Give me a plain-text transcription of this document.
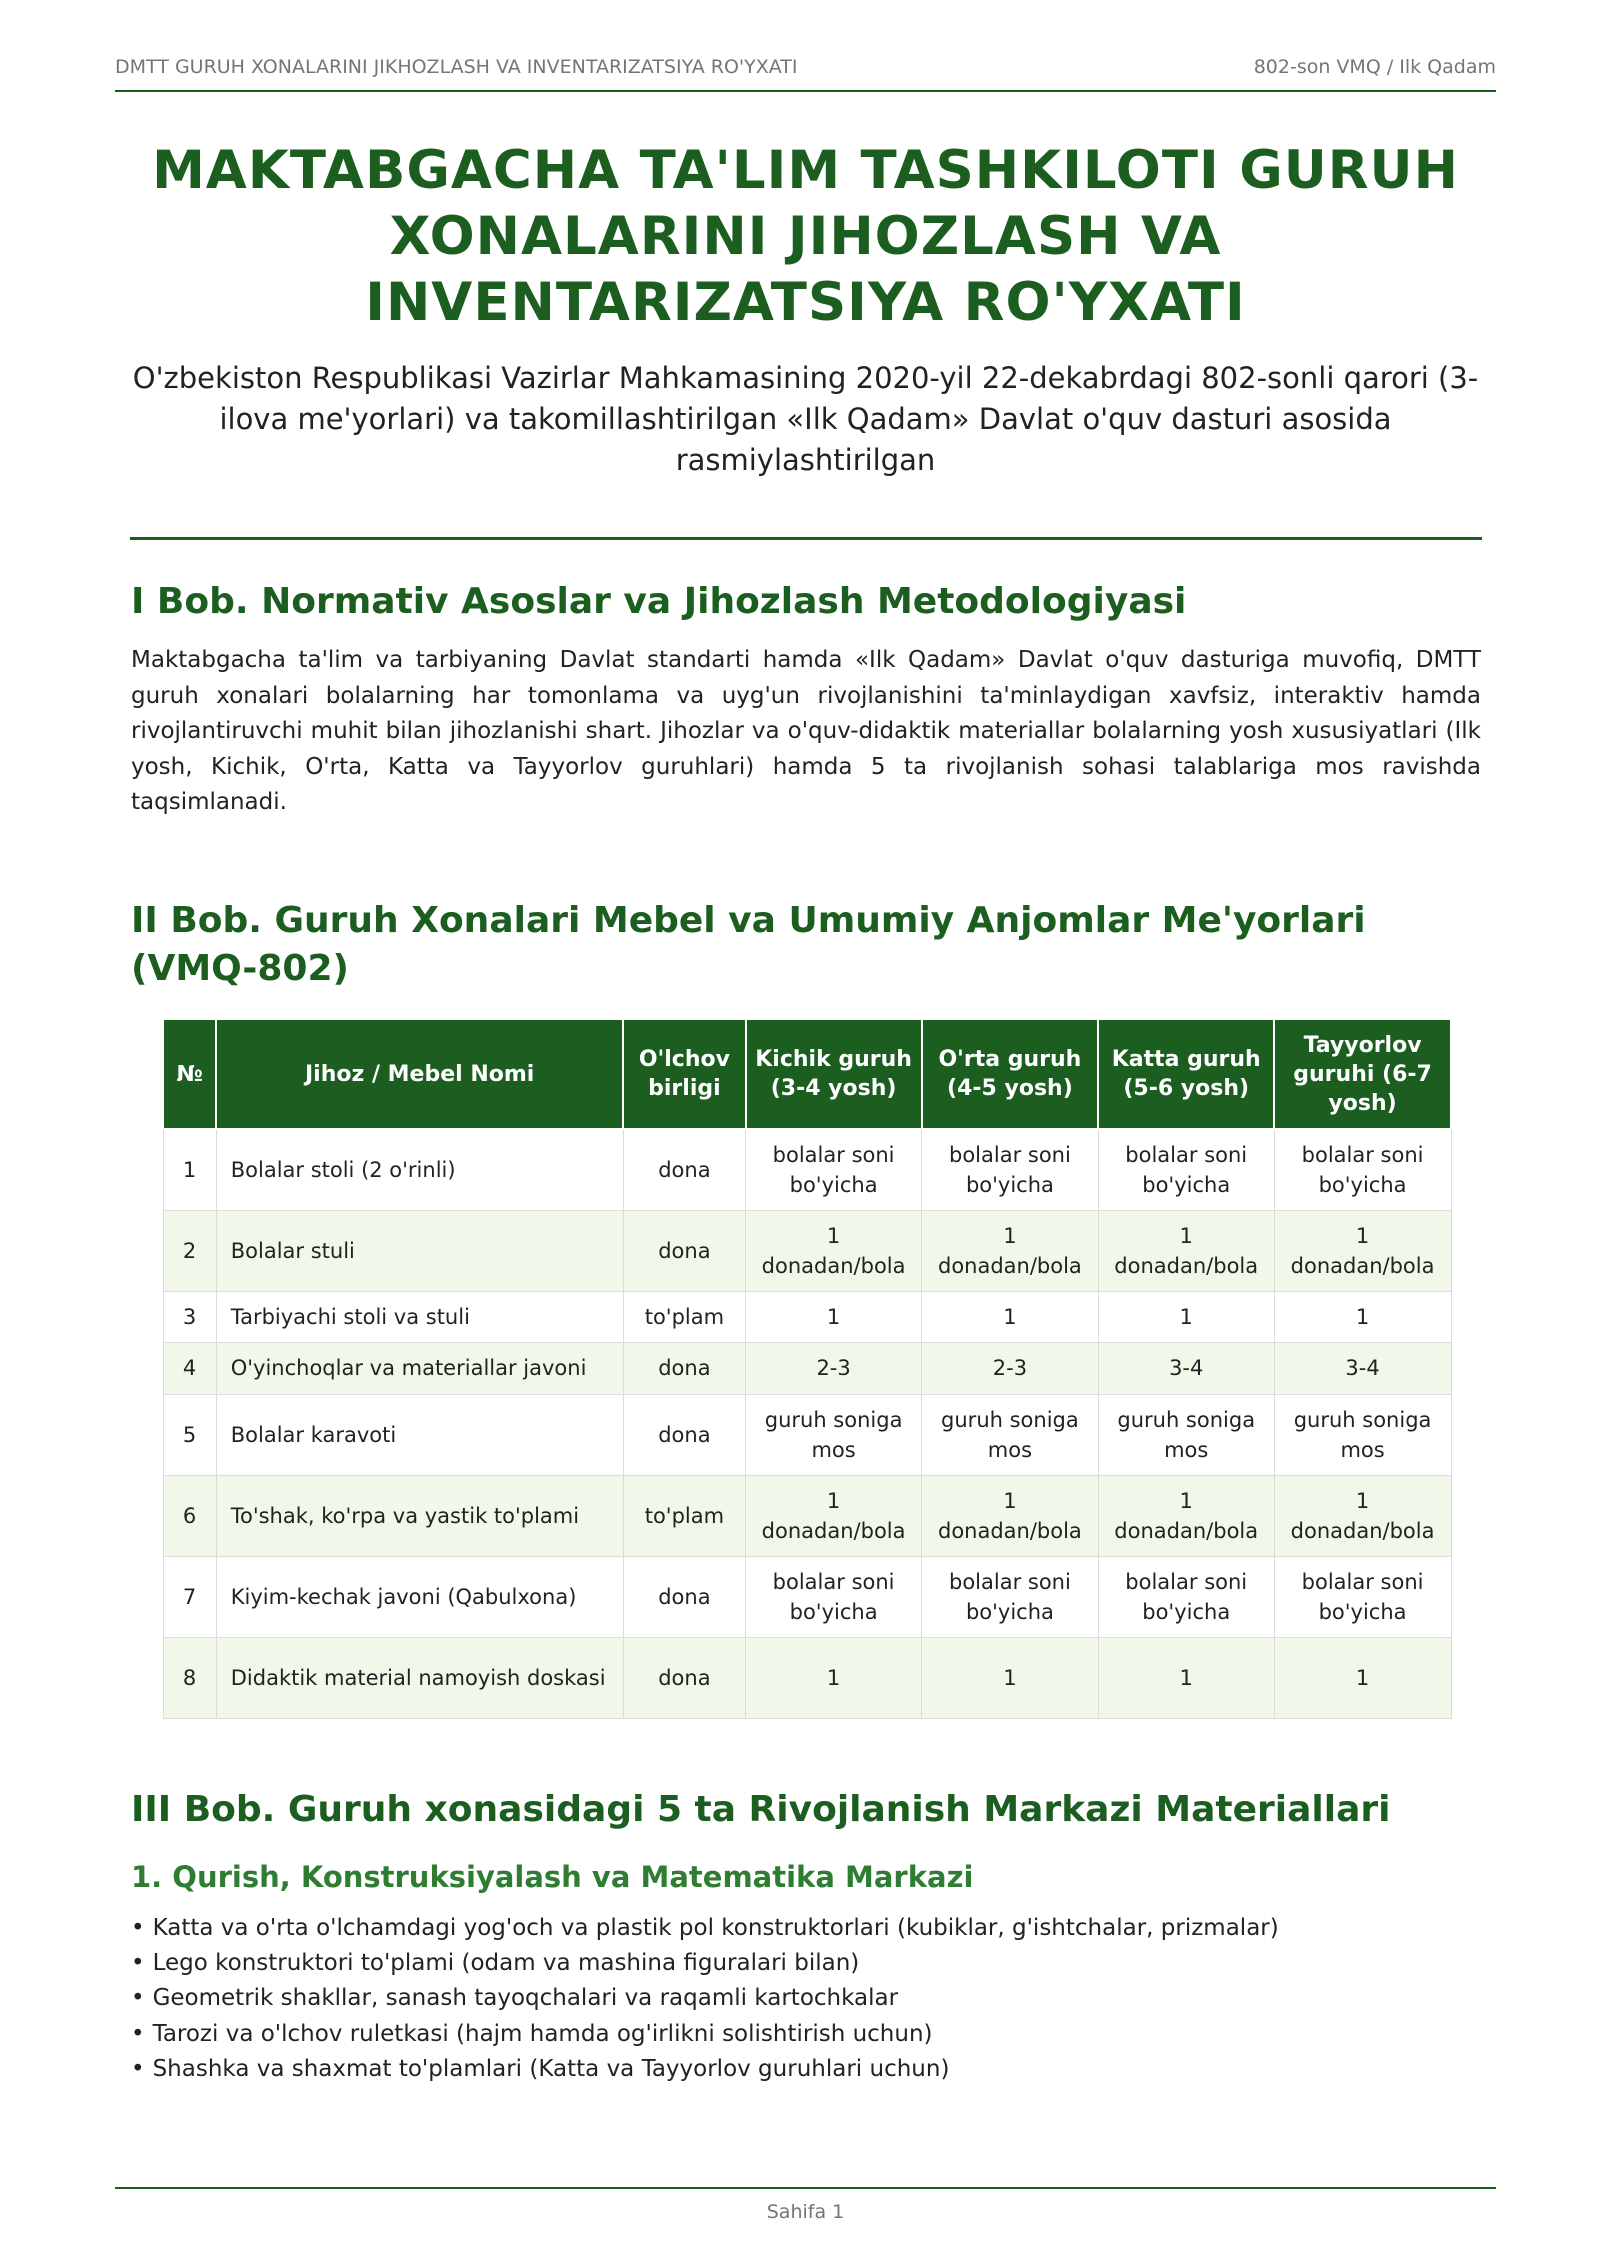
DMTT GURUH XONALARINI JIKHOZLASH VA INVENTARIZATSIYA RO'YXATI	802-son VMQ / Ilk Qadam
MAKTABGACHA TA'LIM TASHKILOTI GURUH
XONALARINI JIHOZLASH VA
INVENTARIZATSIYA RO'YXATI

O'zbekiston Respublikasi Vazirlar Mahkamasining 2020-yil 22-dekabrdagi 802-sonli qarori (3-ilova me'yorlari) va takomillashtirilgan «Ilk Qadam» Davlat o'quv dasturi asosida rasmiylashtirilgan

I Bob. Normativ Asoslar va Jihozlash Metodologiyasi

Maktabgacha ta'lim va tarbiyaning Davlat standarti hamda «Ilk Qadam» Davlat o'quv dasturiga muvofiq, DMTT guruh xonalari bolalarning har tomonlama va uyg'un rivojlanishini ta'minlaydigan xavfsiz, interaktiv hamda rivojlantiruvchi muhit bilan jihozlanishi shart. Jihozlar va o'quv-didaktik materiallar bolalarning yosh xususiyatlari (Ilk yosh, Kichik, O'rta, Katta va Tayyorlov guruhlari) hamda 5 ta rivojlanish sohasi talablariga mos ravishda taqsimlanadi.

II Bob. Guruh Xonalari Mebel va Umumiy Anjomlar Me'yorlari
(VMQ-802)
№	Jihoz / Mebel Nomi	O'lchov birligi	Kichik guruh (3-4 yosh)	O'rta guruh (4-5 yosh)	Katta guruh (5-6 yosh)	Tayyorlov guruhi (6-7 yosh)
1	Bolalar stoli (2 o'rinli)	dona	bolalar soni bo'yicha	bolalar soni bo'yicha	bolalar soni bo'yicha	bolalar soni bo'yicha
2	Bolalar stuli	dona	1 donadan/bola	1 donadan/bola	1 donadan/bola	1 donadan/bola
3	Tarbiyachi stoli va stuli	to'plam	1	1	1	1
4	O'yinchoqlar va materiallar javoni	dona	2-3	2-3	3-4	3-4
5	Bolalar karavoti	dona	guruh soniga mos	guruh soniga mos	guruh soniga mos	guruh soniga mos
6	To'shak, ko'rpa va yastik to'plami	to'plam	1 donadan/bola	1 donadan/bola	1 donadan/bola	1 donadan/bola
7	Kiyim-kechak javoni (Qabulxona)	dona	bolalar soni bo'yicha	bolalar soni bo'yicha	bolalar soni bo'yicha	bolalar soni bo'yicha
8	Didaktik material namoyish doskasi	dona	1	1	1	1
III Bob. Guruh xonasidagi 5 ta Rivojlanish Markazi Materiallari
1. Qurish, Konstruksiyalash va Matematika Markazi
• Katta va o'rta o'lchamdagi yog'och va plastik pol konstruktorlari (kubiklar, g'ishtchalar, prizmalar)
• Lego konstruktori to'plami (odam va mashina figuralari bilan)
• Geometrik shakllar, sanash tayoqchalari va raqamli kartochkalar
• Tarozi va o'lchov ruletkasi (hajm hamda og'irlikni solishtirish uchun)
• Shashka va shaxmat to'plamlari (Katta va Tayyorlov guruhlari uchun)
Sahifa 1
